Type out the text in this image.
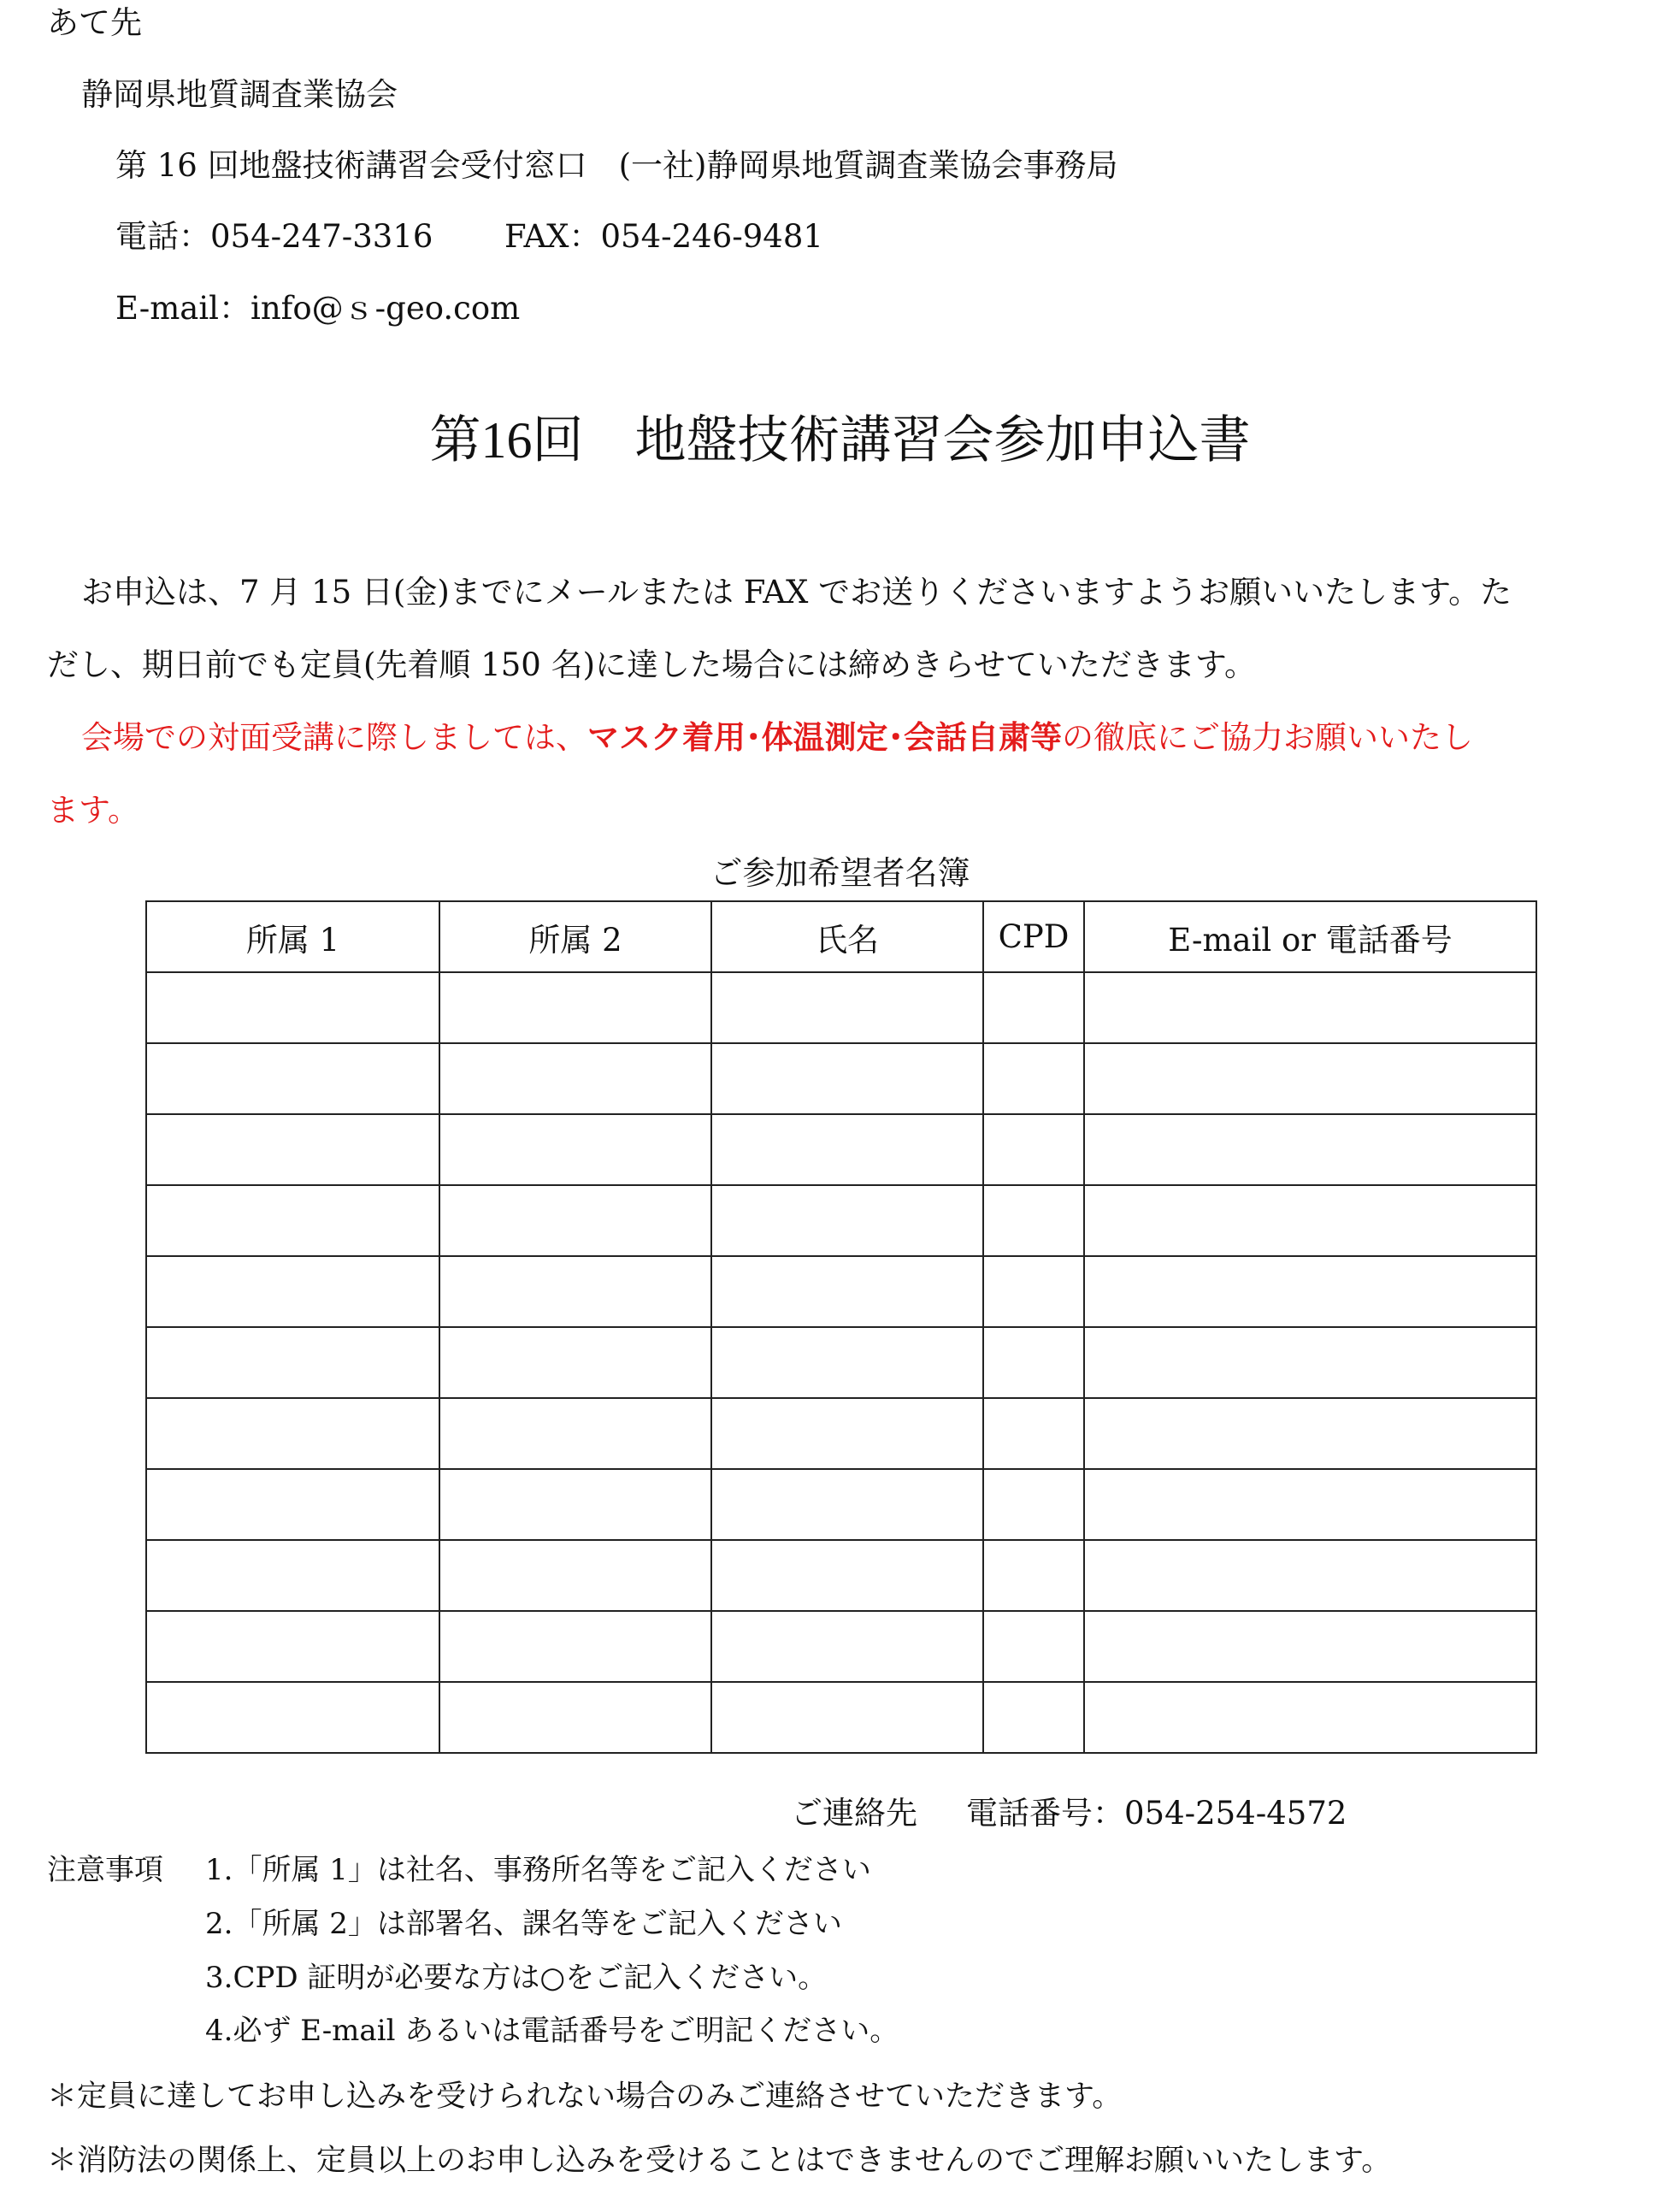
あて先
静岡県地質調査業協会
第 16 回地盤技術講習会受付窓口　(一社)静岡県地質調査業協会事務局
電話：054-247-3316 FAX：054-246-9481
E-mail：info@ｓ-geo.com
第16回　地盤技術講習会参加申込書
お申込は、7 月 15 日(金)までにメールまたは FAX でお送りくださいますようお願いいたします。た
だし、期日前でも定員(先着順 150 名)に達した場合には締めきらせていただきます。
会場での対面受講に際しましては、マスク着用･体温測定･会話自粛等の徹底にご協力お願いいたし
ます。
ご参加希望者名簿
所属 1	所属 2	氏名	CPD	E-mail or 電話番号

ご連絡先 電話番号：054-254-4572
注意事項 1.「所属 1」は社名、事務所名等をご記入ください
2.「所属 2」は部署名、課名等をご記入ください
3.CPD 証明が必要な方は○をご記入ください。
4.必ず E-mail あるいは電話番号をご明記ください。
＊定員に達してお申し込みを受けられない場合のみご連絡させていただきます。
＊消防法の関係上、定員以上のお申し込みを受けることはできませんのでご理解お願いいたします。
